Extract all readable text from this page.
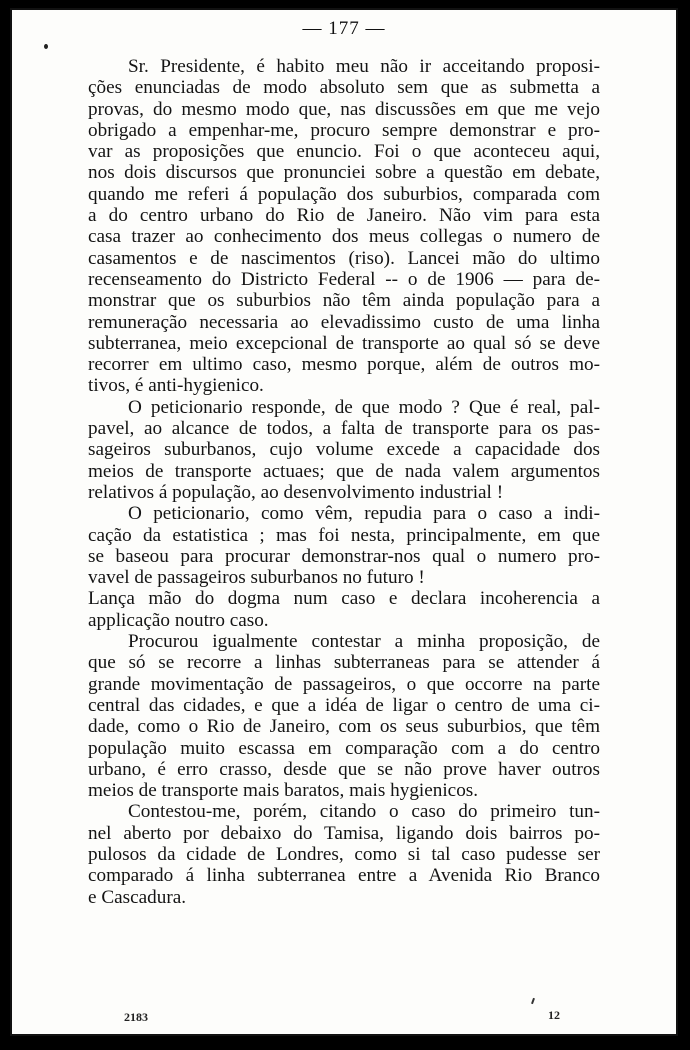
— 177 —
Sr. Presidente, é habito meu não ir acceitando proposi-
ções enunciadas de modo absoluto sem que as submetta a
provas, do mesmo modo que, nas discussões em que me vejo
obrigado a empenhar-me, procuro sempre demonstrar e pro-
var as proposições que enuncio. Foi o que aconteceu aqui,
nos dois discursos que pronunciei sobre a questão em debate,
quando me referi á população dos suburbios, comparada com
a do centro urbano do Rio de Janeiro. Não vim para esta
casa trazer ao conhecimento dos meus collegas o numero de
casamentos e de nascimentos (riso). Lancei mão do ultimo
recenseamento do Districto Federal -- o de 1906 — para de-
monstrar que os suburbios não têm ainda população para a
remuneração necessaria ao elevadissimo custo de uma linha
subterranea, meio excepcional de transporte ao qual só se deve
recorrer em ultimo caso, mesmo porque, além de outros mo-
tivos, é anti-hygienico.
O peticionario responde, de que modo ? Que é real, pal-
pavel, ao alcance de todos, a falta de transporte para os pas-
sageiros suburbanos, cujo volume excede a capacidade dos
meios de transporte actuaes; que de nada valem argumentos
relativos á população, ao desenvolvimento industrial !
O peticionario, como vêm, repudia para o caso a indi-
cação da estatistica ; mas foi nesta, principalmente, em que
se baseou para procurar demonstrar-nos qual o numero pro-
vavel de passageiros suburbanos no futuro !
Lança mão do dogma num caso e declara incoherencia a
applicação noutro caso.
Procurou igualmente contestar a minha proposição, de
que só se recorre a linhas subterraneas para se attender á
grande movimentação de passageiros, o que occorre na parte
central das cidades, e que a idéa de ligar o centro de uma ci-
dade, como o Rio de Janeiro, com os seus suburbios, que têm
população muito escassa em comparação com a do centro
urbano, é erro crasso, desde que se não prove haver outros
meios de transporte mais baratos, mais hygienicos.
Contestou-me, porém, citando o caso do primeiro tun-
nel aberto por debaixo do Tamisa, ligando dois bairros po-
pulosos da cidade de Londres, como si tal caso pudesse ser
comparado á linha subterranea entre a Avenida Rio Branco
e Cascadura.
2183	12
